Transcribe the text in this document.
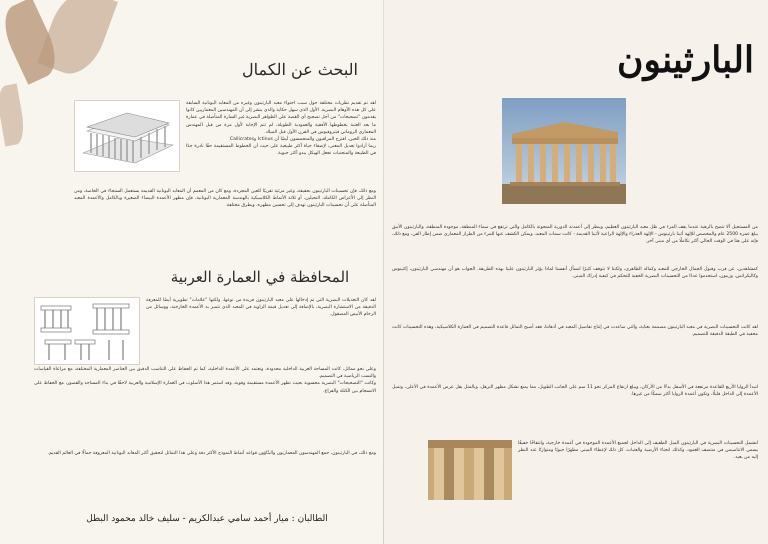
البحث عن الكمال
لقد تم تقديم نظريات مختلفة حول سبب احتواء معبد البارثينون وغيره من المعابد اليونانية السابقة على كل هذه الأوهام البصرية. الأول الذي سهل حكاية والذي ينشر إلى أن المهندسين المعماريين كانوا يقدمون "تصحيحات" من أجل تصحيح أي القصة على الظواهر البصرية غير السارة المتأصلة في عمارة ما بعد العتبة بخطوطها الأفقية والعمودية الطويلة، لم تتم الإجابة لأول مرة من قبل المهندس المعماري الروماني فيتروفيوس في القرن الأول قبل الميلاد.
منذ ذلك الحين، اقترح المراقبون والمتحمسون أيضًا أن Ictinus وCallicrates
ربما أرادوا تعديل المعنى، لإضفاء حياة أكثر طبيعية على حيث أن الخطوط المستقيمة حقًا نادرة جدًا في الطبيعة والمنحنيات تجعل الهيكل يبدو أكثر حيوية.
ومع ذلك، فإن تحسينات البارثينون بحقيقة، وغير مرئية تقريبًا للعين المجردة، ومع كان من المعمم أن المعابد اليونانية القديمة يستعمل الستجاء في الخاصة، ومن النظر إلى الأعراض الكاملة، النحيلين، أو ثلاثة الأنماط الكلاسيكية بالهندسة المعمارية اليونانية، فإن مظهر الأعمدة البيضاء الصغيرة وبالكامل والأعمدة المعبد المتأصلة على أن تحسينات البارثينون تهدف إلى تحسين مظهره، وبطرق مختلفة.
المحافظة في العمارة العربية
لقد كان التعديلات البصرية التي تم إدخالها على معبد البارثينون فريدة من نوعها، ولكنها "علامات" تطويرية أيضًا للمعرفة الدقيقة من الاستشارة البصرية، بالإضافة إلى تعديل قيمة الزاوية في المعبد الذي تتميز به الأعمدة الخارجية، ووسائل من الرخام الأبيض المصقول.
وعلى نحو مماثل، كانت المساحة العربية الداخلية محدودة، وتعتمد على الأعمدة الداخلية، كما تم الحفاظ على التناسب الدقيق بين العناصر المعمارية المختلفة، مع مراعاة القياسات والنسب الرياضية في التصميم.
وكانت "التصحيحات" البصرية محسوبة بحيث تظهر الأعمدة مستقيمة وقوية، وقد استمر هذا الأسلوب في العمارة الإسلامية والعربية لاحقًا في بناء المساجد والقصور، مع الحفاظ على الانسجام بين الكتلة والفراغ.
ومع ذلك، في البارثينون، جمع المهندسون المعماريون والبنّاؤون قواعد أنماط النموذج الأكثر دقة وعلى هذا التماثل لتحقيق أكثر المعابد اليونانية المعروفة جمالًا في العالم القديم.
الطالبان : ميار أحمد سامي عبدالكريم - سليف خالد محمود البطل
البارثينون
من المستحيل ألا تتضح بالرهبة عندما يقف المرء في ظل معبد البارثينون العظيم، وينظر إلى أعمدته الدورية المنحوتة بالكامل والتي ترتفع في سماء المنطقة، موجودة المنطقة، والبارثينون الأنيق يبلغ عمره 2500 عام والمخصص للإلهة أثينا بارثينوس - الإلهة العذراء والإلهة الراعية لأثينا القديمة - كانت سمات المعبد، ويمكن الكشف عنها للمرء من الطراز المعماري ضمن إطار الفن، ومع ذلك، فإنه على هنا في الوقت الحالي أكثر تكاملًا من أي مبنى آخر.
كمشاهدين، عن قرب وقبول الجمال الخارجي للمعبد وكماله الظاهري، ولكننا لا نتوقف كثيرًا لنسأل أنفسنا لماذا يؤثر البارثينون علينا بهذه الطريقة. الجواب هو أن مهندسي البارثينون، إكتينوس وكاليكراتس، وزينون، استخدموا عددًا من التحسينات البصرية الخفية للتحكم في كيفية إدراك المبنى.
لقد كانت التحسينات البصرية في معبد البارثينون مصممة بعناية، والتي ساعدت في إنتاج تفاصيل المعبد في أذهاننا، فقد أصبح التماثل قاعدة التصميم في العمارة الكلاسيكية، وهذه التحسينات كانت مخفية في الطبقة الدقيقة للتصميم.
لتبدأ الزوايا الأربع للقاعدة مرتفعة في الأسفل بدءًا من الأركان، ويبلغ ارتفاع المركز نحو 11 سم على الجانب الطويل، مما يمنع تشكل مظهر الترهل، وبالمثل يقل عرض الأعمدة في الأعلى، وتميل الأعمدة إلى الداخل قليلًا، وتكون أعمدة الزوايا أكثر سمكًا من غيرها.
لتشمل التحسينات البصرية في البارثينون الميل الطفيف إلى الداخل لجميع الأعمدة الموجودة في أعمدة خارجية، وانتفاخًا خفيفًا يسمى الانتاسيس في منتصف العمود، وكذلك انحناء الأرضية والعتبات، كل ذلك لإعطاء المبنى مظهرًا حيويًا ومتوازنًا عند النظر إليه من بعيد.
